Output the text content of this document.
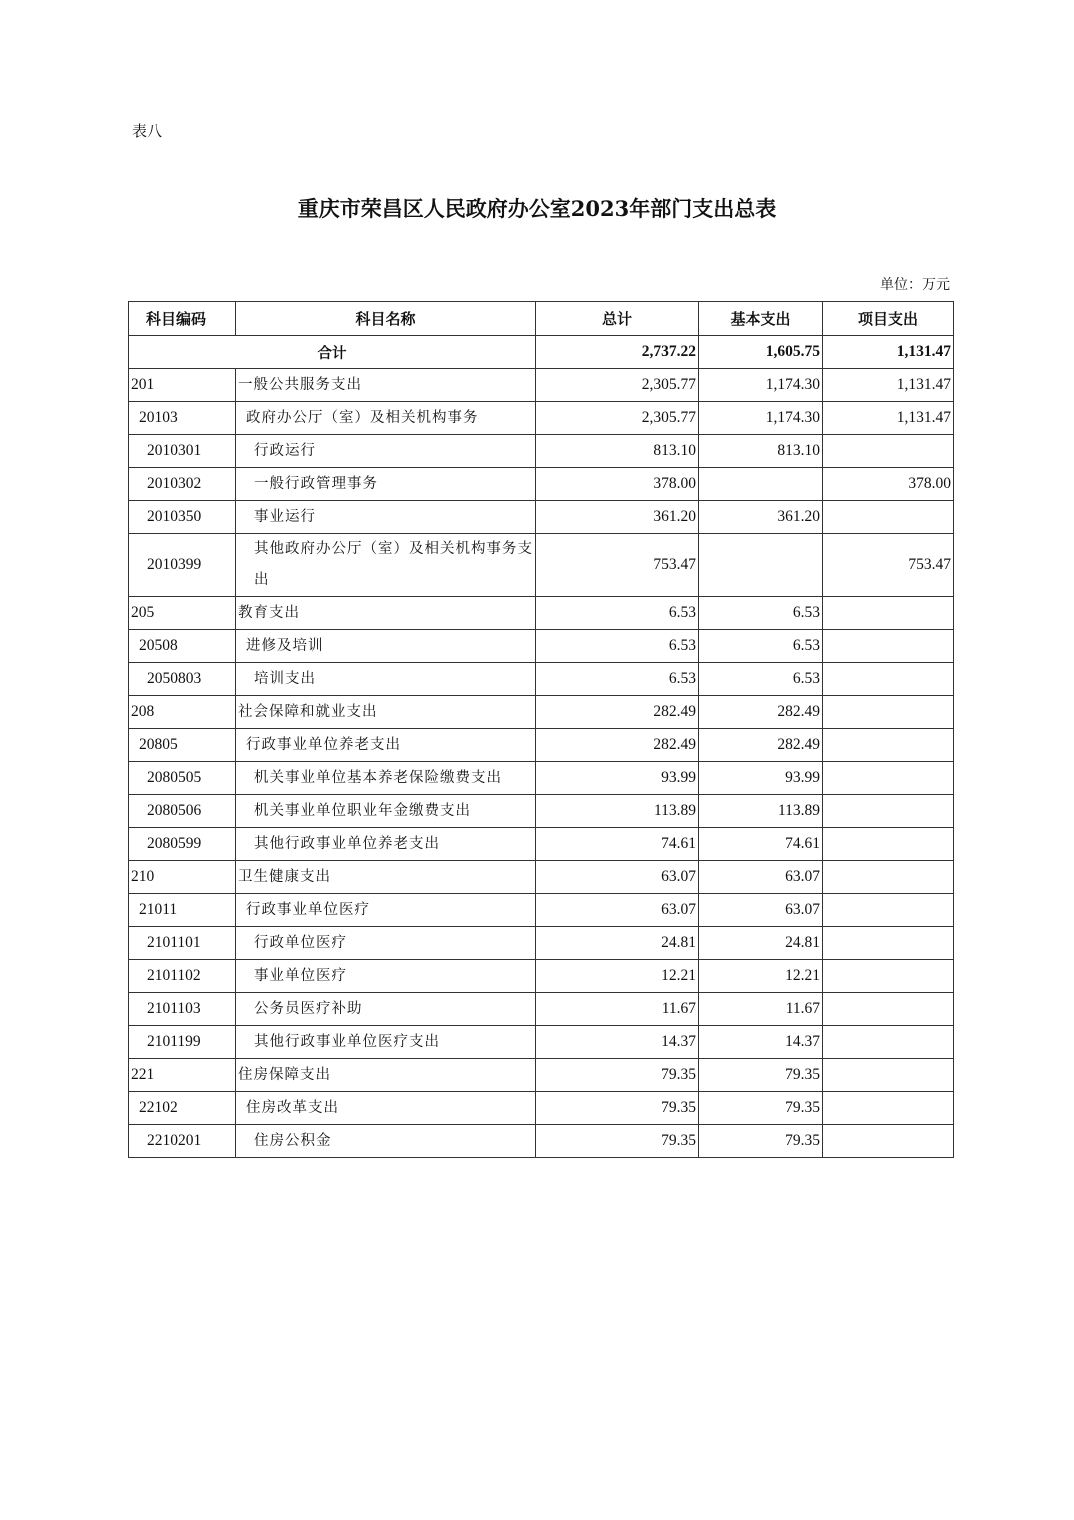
表八
重庆市荣昌区人民政府办公室2023年部门支出总表
单位：万元
科目编码	科目名称	总计	基本支出	项目支出
合计		2,737.22	1,605.75	1,131.47
201	一般公共服务支出	2,305.77	1,174.30	1,131.47
20103	政府办公厅（室）及相关机构事务	2,305.77	1,174.30	1,131.47
2010301	行政运行	813.10	813.10	
2010302	一般行政管理事务	378.00		378.00
2010350	事业运行	361.20	361.20	
2010399	其他政府办公厅（室）及相关机构事务支出	753.47		753.47
205	教育支出	6.53	6.53	
20508	进修及培训	6.53	6.53	
2050803	培训支出	6.53	6.53	
208	社会保障和就业支出	282.49	282.49	
20805	行政事业单位养老支出	282.49	282.49	
2080505	机关事业单位基本养老保险缴费支出	93.99	93.99	
2080506	机关事业单位职业年金缴费支出	113.89	113.89	
2080599	其他行政事业单位养老支出	74.61	74.61	
210	卫生健康支出	63.07	63.07	
21011	行政事业单位医疗	63.07	63.07	
2101101	行政单位医疗	24.81	24.81	
2101102	事业单位医疗	12.21	12.21	
2101103	公务员医疗补助	11.67	11.67	
2101199	其他行政事业单位医疗支出	14.37	14.37	
221	住房保障支出	79.35	79.35	
22102	住房改革支出	79.35	79.35	
2210201	住房公积金	79.35	79.35	
